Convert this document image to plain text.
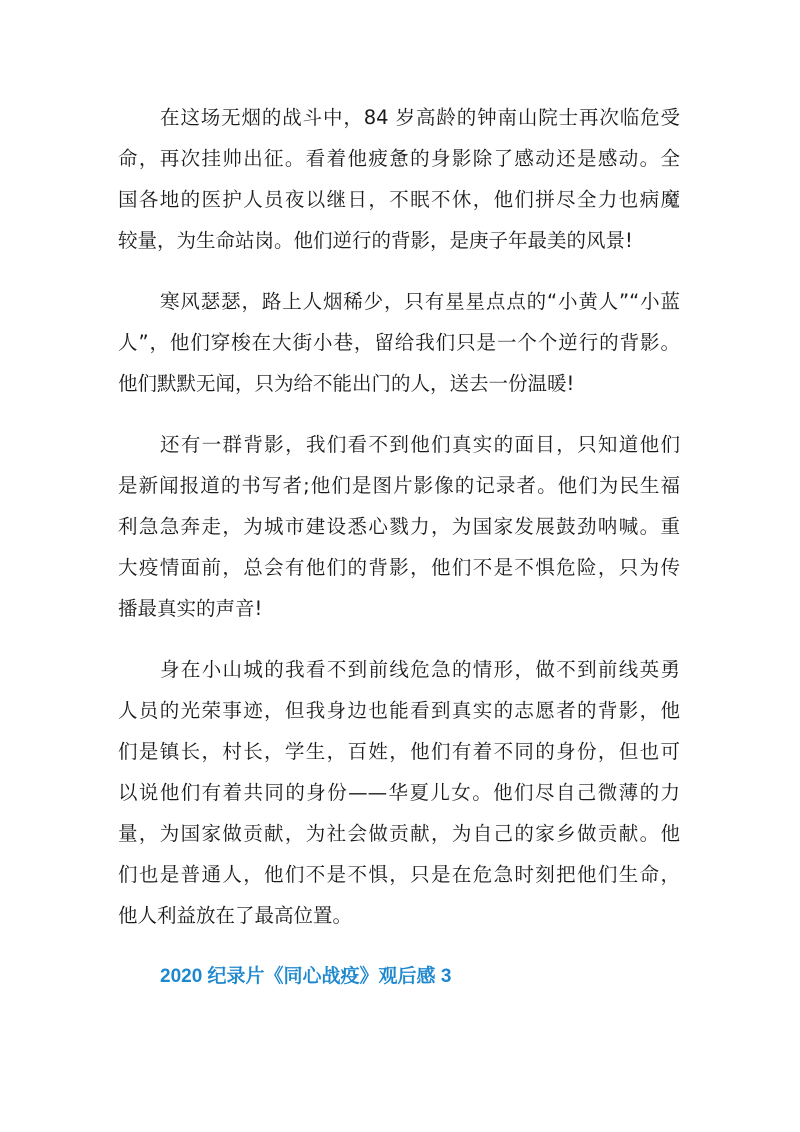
在这场无烟的战斗中，84 岁高龄的钟南山院士再次临危受
命，再次挂帅出征。看着他疲惫的身影除了感动还是感动。全
国各地的医护人员夜以继日，不眠不休，他们拼尽全力也病魔
较量，为生命站岗。他们逆行的背影，是庚子年最美的风景!
寒风瑟瑟，路上人烟稀少，只有星星点点的“小黄人”“小蓝
人”，他们穿梭在大街小巷，留给我们只是一个个逆行的背影。
他们默默无闻，只为给不能出门的人，送去一份温暖!
还有一群背影，我们看不到他们真实的面目，只知道他们
是新闻报道的书写者;他们是图片影像的记录者。他们为民生福
利急急奔走，为城市建设悉心戮力，为国家发展鼓劲呐喊。重
大疫情面前，总会有他们的背影，他们不是不惧危险，只为传
播最真实的声音!
身在小山城的我看不到前线危急的情形，做不到前线英勇
人员的光荣事迹，但我身边也能看到真实的志愿者的背影，他
们是镇长，村长，学生，百姓，他们有着不同的身份，但也可
以说他们有着共同的身份——华夏儿女。他们尽自己微薄的力
量，为国家做贡献，为社会做贡献，为自己的家乡做贡献。他
们也是普通人，他们不是不惧，只是在危急时刻把他们生命，
他人利益放在了最高位置。
2020 纪录片《同心战疫》观后感 3
